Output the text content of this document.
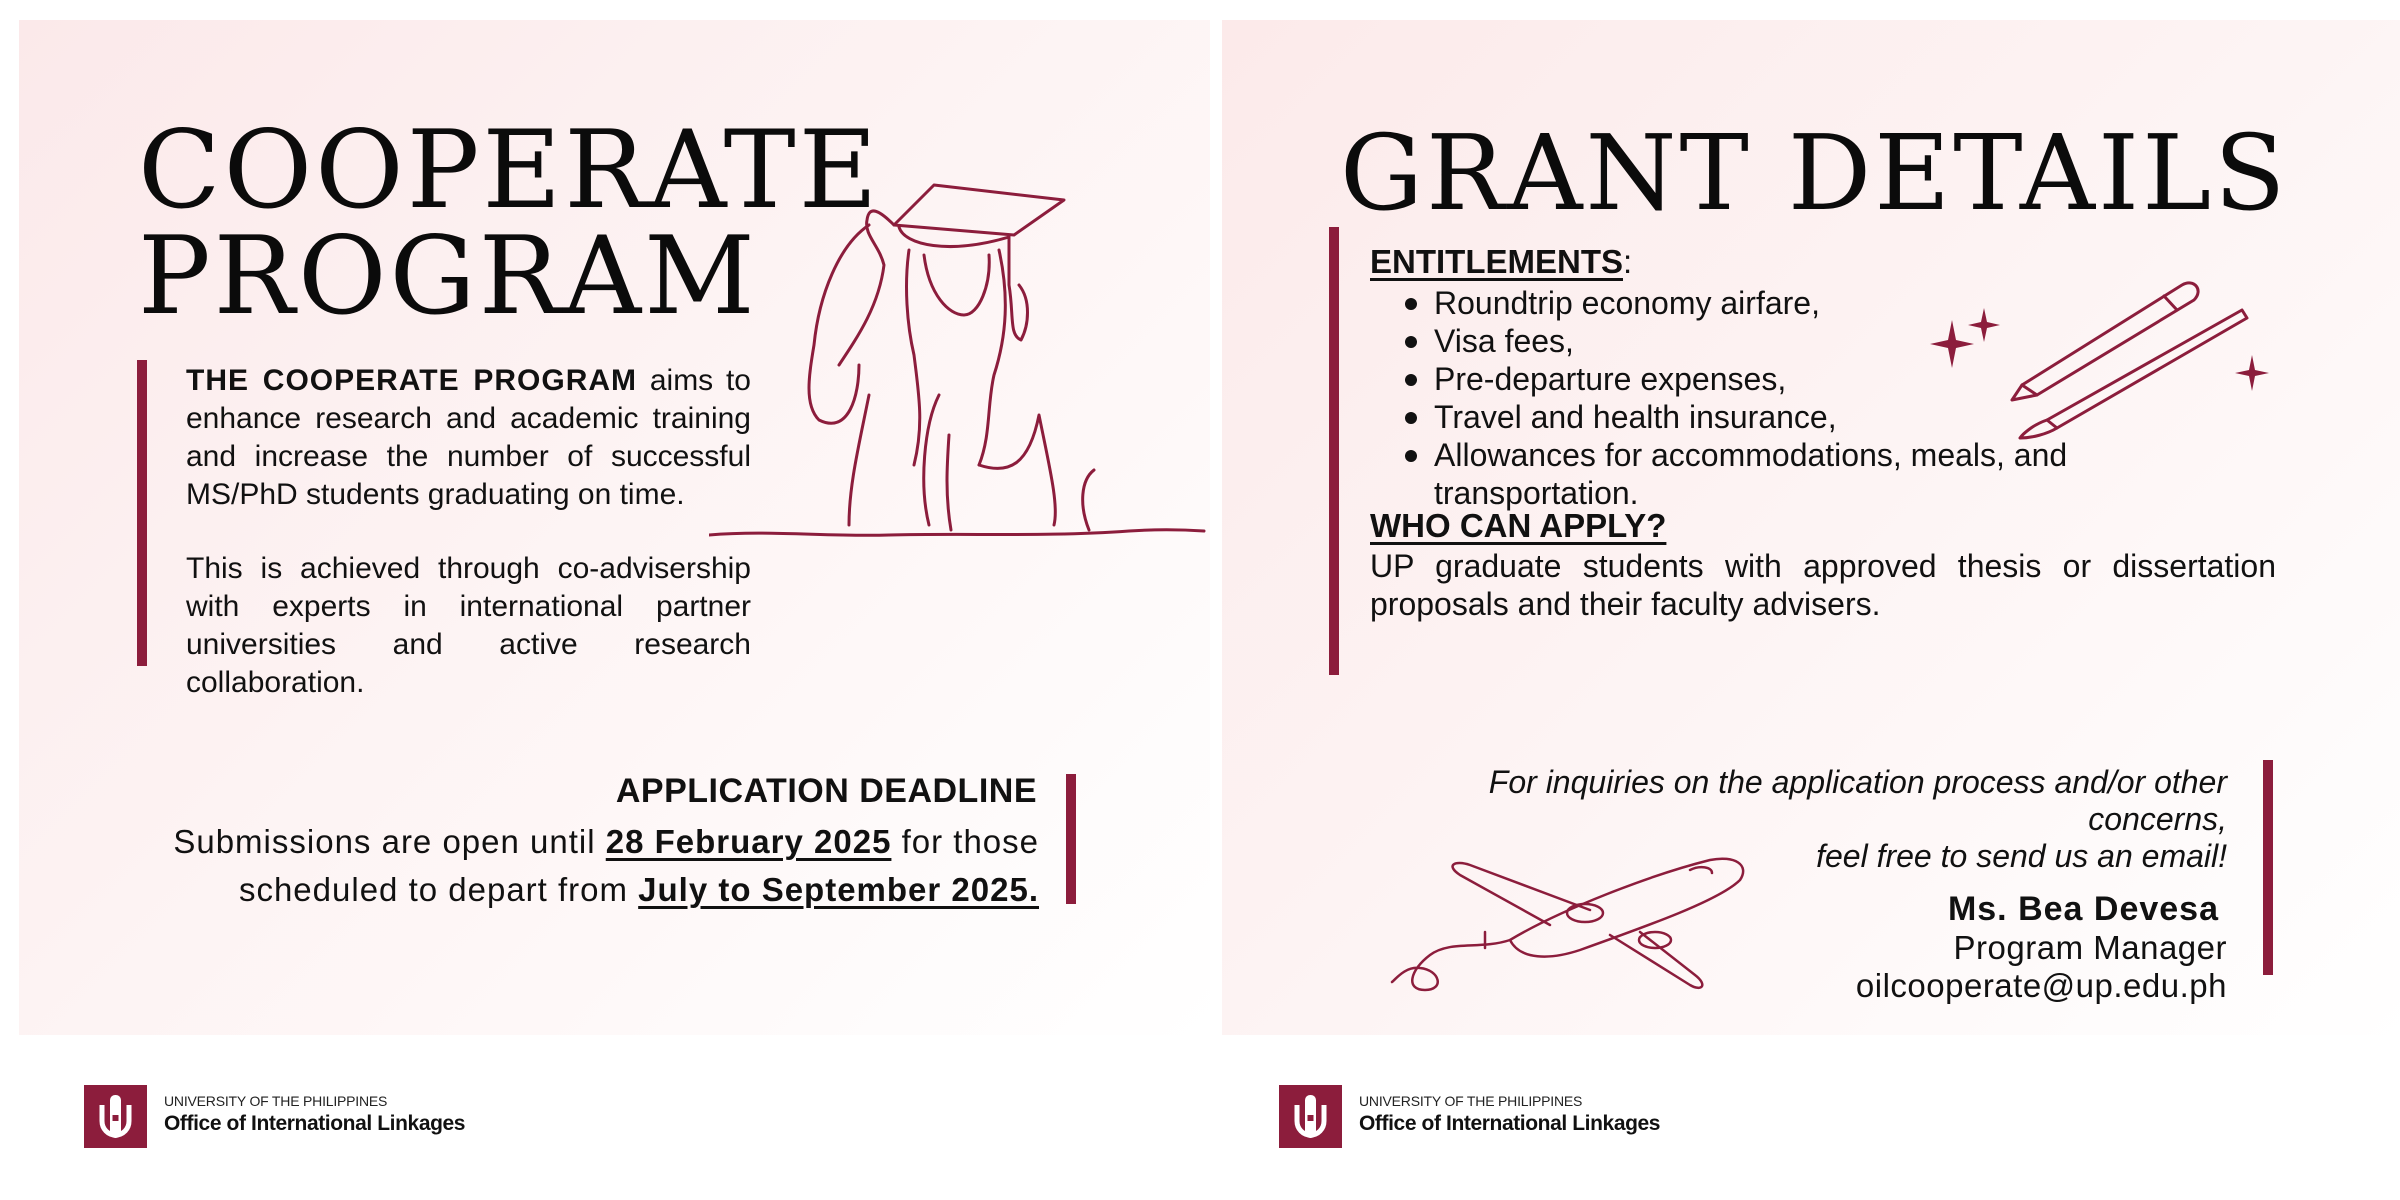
COOPERATE
PROGRAM

THE COOPERATE PROGRAM aims to enhance research and academic training and increase the number of successful MS/PhD students graduating on time.

This is achieved through co-advisership with experts in international partner universities and active research collaboration.

APPLICATION DEADLINE

Submissions are open until 28 February 2025 for those scheduled to depart from July to September 2025.

GRANT DETAILS

ENTITLEMENTS:

Roundtrip economy airfare,
Visa fees,
Pre-departure expenses,
Travel and health insurance,
Allowances for accommodations, meals, and transportation.

WHO CAN APPLY?

UP graduate students with approved thesis or dissertation proposals and their faculty advisers.

For inquiries on the application process and/or other concerns,
feel free to send us an email!
Ms. Bea Devesa
Program Manager
oilcooperate@up.edu.ph
UNIVERSITY OF THE PHILIPPINES
Office of International Linkages
UNIVERSITY OF THE PHILIPPINES
Office of International Linkages
